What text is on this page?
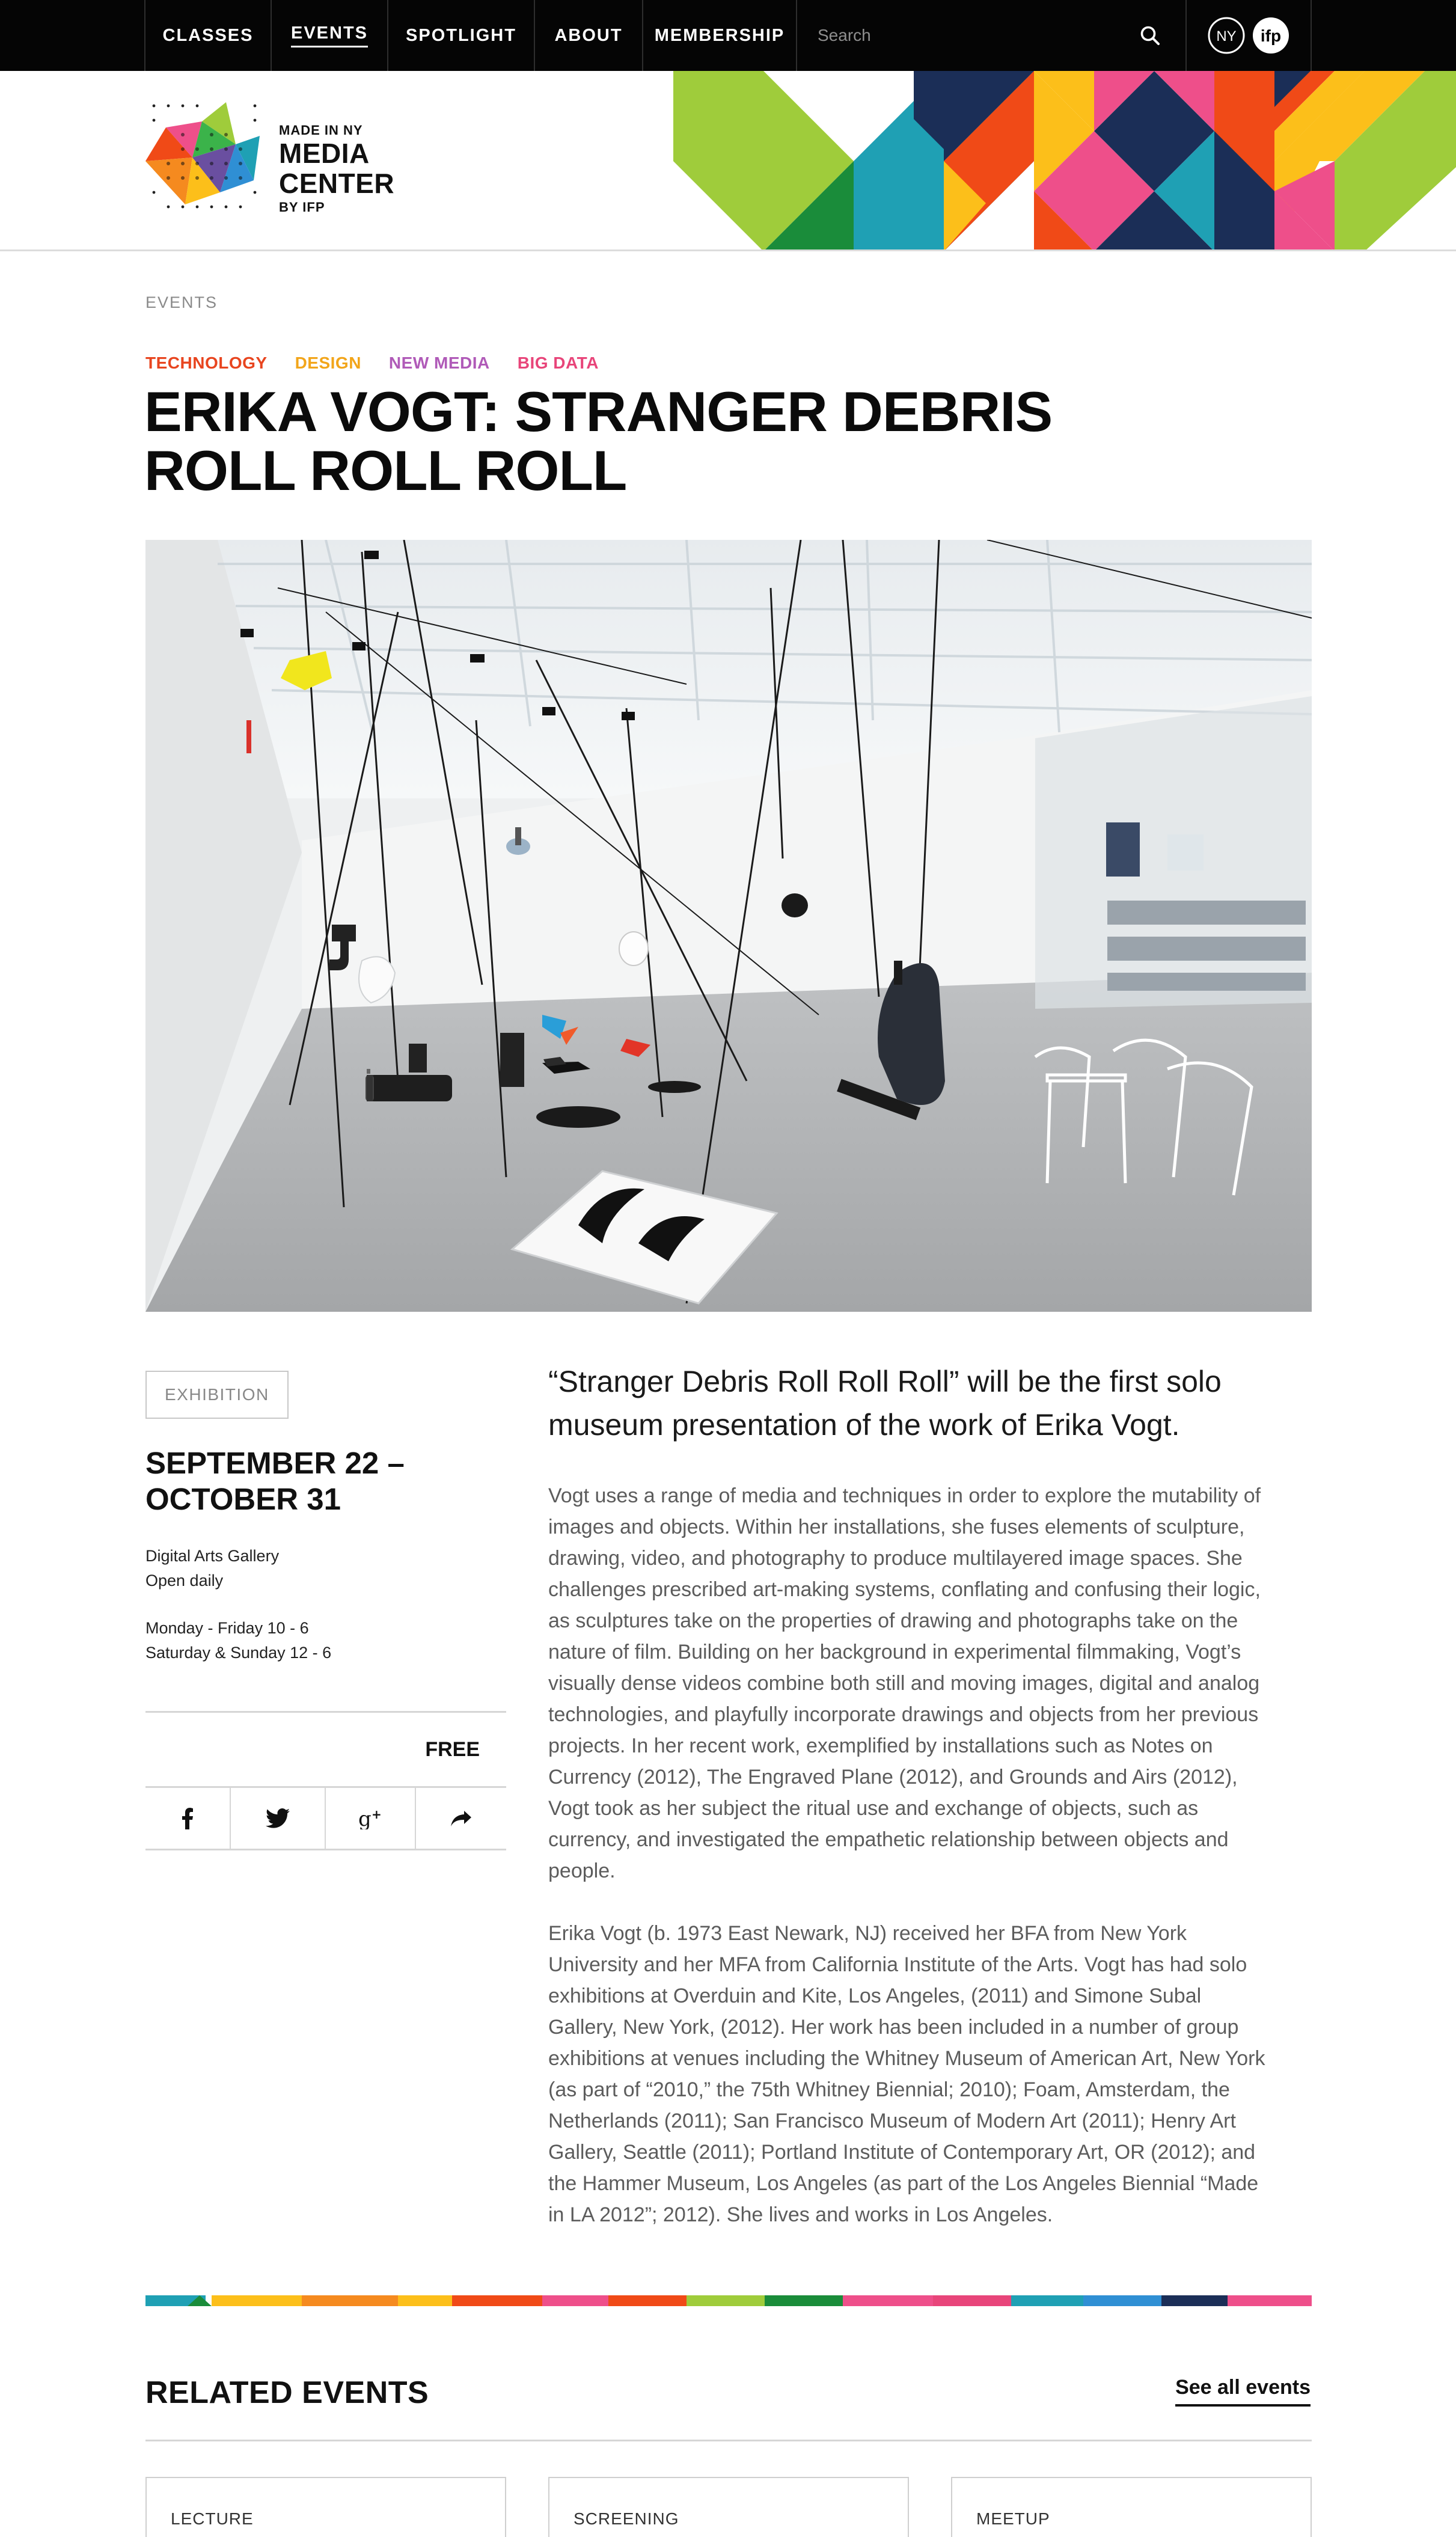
CLASSES EVENTS SPOTLIGHT ABOUT MEMBERSHIP
Search	NY ifp
MADE IN NY
MEDIA
CENTER
BY IFP
EVENTS
TECHNOLOGY DESIGN NEW MEDIA BIG DATA
ERIKA VOGT: STRANGER DEBRIS
ROLL ROLL ROLL
EXHIBITION
SEPTEMBER 22 –
OCTOBER 31
Digital Arts Gallery
Open daily
Monday - Friday 10 - 6
Saturday & Sunday 12 - 6
FREE
g +

“Stranger Debris Roll Roll Roll” will be the first solo museum presentation of the work of Erika Vogt.

Vogt uses a range of media and techniques in order to explore the mutability of images and objects. Within her installations, she fuses elements of sculpture, drawing, video, and photography to produce multilayered image spaces. She challenges prescribed art-making systems, conflating and confusing their logic, as sculptures take on the properties of drawing and photographs take on the nature of film. Building on her background in experimental filmmaking, Vogt’s visually dense videos combine both still and moving images, digital and analog technologies, and playfully incorporate drawings and objects from her previous projects. In her recent work, exemplified by installations such as Notes on Currency (2012), The Engraved Plane (2012), and Grounds and Airs (2012), Vogt took as her subject the ritual use and exchange of objects, such as currency, and investigated the empathetic relationship between objects and people.

Erika Vogt (b. 1973 East Newark, NJ) received her BFA from New York University and her MFA from California Institute of the Arts. Vogt has had solo exhibitions at Overduin and Kite, Los Angeles, (2011) and Simone Subal Gallery, New York, (2012). Her work has been included in a number of group exhibitions at venues including the Whitney Museum of American Art, New York (as part of “2010,” the 75th Whitney Biennial; 2010); Foam, Amsterdam, the Netherlands (2011); San Francisco Museum of Modern Art (2011); Henry Art Gallery, Seattle (2011); Portland Institute of Contemporary Art, OR (2012); and the Hammer Museum, Los Angeles (as part of the Los Angeles Biennial “Made in LA 2012”; 2012). She lives and works in Los Angeles.

RELATED EVENTS	See all events
LECTURE	SCREENING	MEETUP
